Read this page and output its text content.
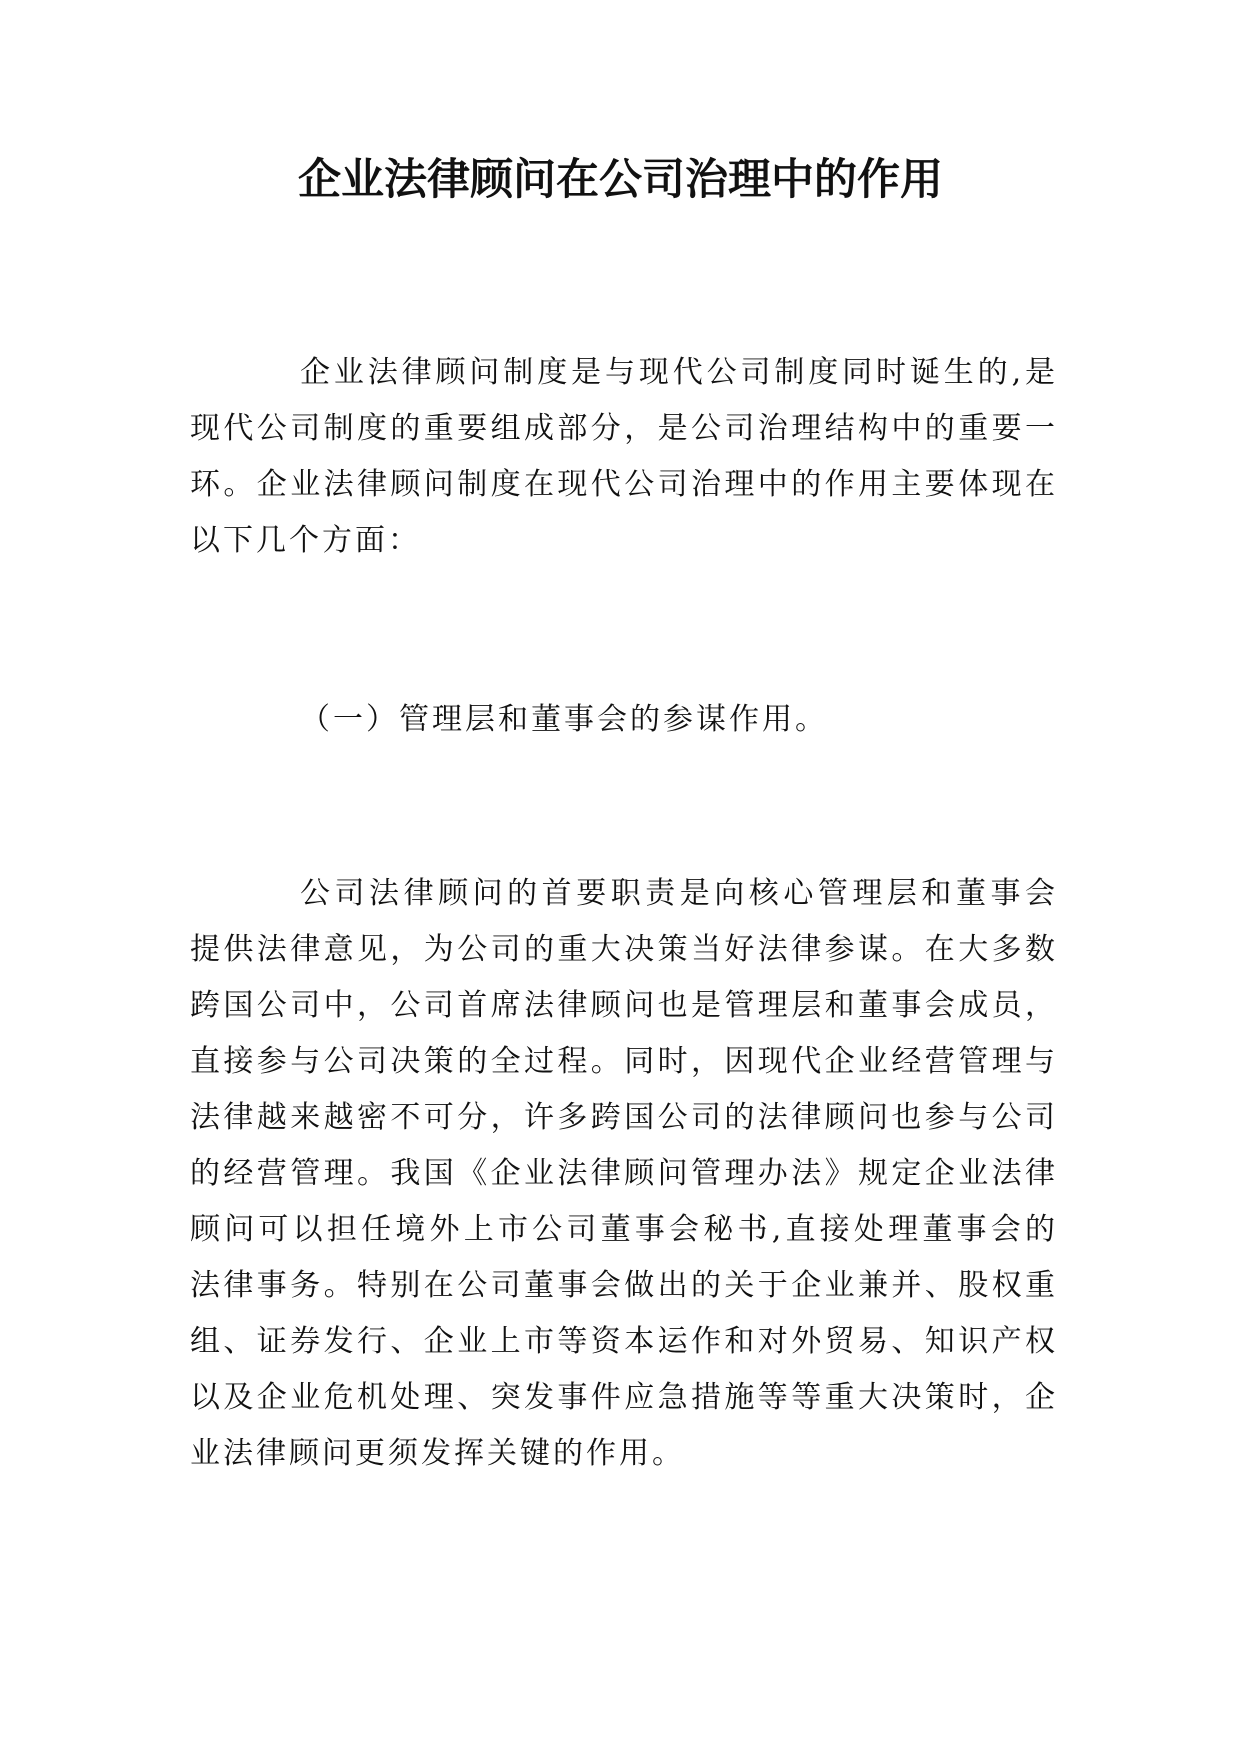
企业法律顾问在公司治理中的作用

企业法律顾问制度是与现代公司制度同时诞生的,是现代公司制度的重要组成部分，是公司治理结构中的重要一环。企业法律顾问制度在现代公司治理中的作用主要体现在以下几个方面：

（一）管理层和董事会的参谋作用。

公司法律顾问的首要职责是向核心管理层和董事会提供法律意见，为公司的重大决策当好法律参谋。在大多数跨国公司中，公司首席法律顾问也是管理层和董事会成员，直接参与公司决策的全过程。同时，因现代企业经营管理与法律越来越密不可分，许多跨国公司的法律顾问也参与公司的经营管理。我国《企业法律顾问管理办法》规定企业法律顾问可以担任境外上市公司董事会秘书,直接处理董事会的法律事务。特别在公司董事会做出的关于企业兼并、股权重组、证券发行、企业上市等资本运作和对外贸易、知识产权以及企业危机处理、突发事件应急措施等等重大决策时，企业法律顾问更须发挥关键的作用。
